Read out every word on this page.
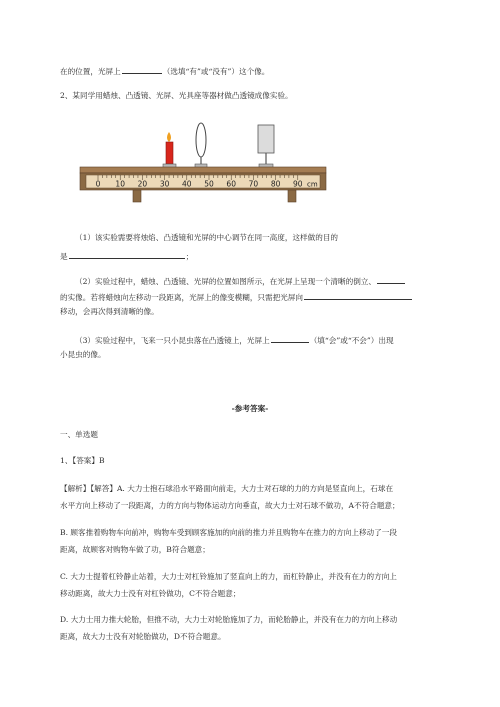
在的位置，光屏上	（选填“有”或“没有”）这个像。
2、某同学用蜡烛、凸透镜、光屏、光具座等器材做凸透镜成像实验。
0 10 20 30 40 50 60 70 80 90 cm
（1）该实验需要将烛焰、凸透镜和光屏的中心调节在同一高度，这样做的目的
是	；
（2）实验过程中，蜡烛、凸透镜、光屏的位置如图所示，在光屏上呈现一个清晰的倒立、
的实像。若将蜡烛向左移动一段距离，光屏上的像变模糊，只需把光屏向
移动，会再次得到清晰的像。
（3）实验过程中，飞来一只小昆虫落在凸透镜上，光屏上	（填“会”或“不会”）出现
小昆虫的像。
-参考答案-
一、单选题
1、【答案】B
【解析】【解答】A. 大力士抱石球沿水平路面向前走，大力士对石球的力的方向是竖直向上，石球在
水平方向上移动了一段距离，力的方向与物体运动方向垂直，故大力士对石球不做功，A不符合题意；
B. 顾客推着购物车向前冲，购物车受到顾客施加的向前的推力并且购物车在推力的方向上移动了一段
距离，故顾客对购物车做了功，B符合题意；
C. 大力士提着杠铃静止站着，大力士对杠铃施加了竖直向上的力，而杠铃静止，并没有在力的方向上
移动距离，故大力士没有对杠铃做功，C不符合题意；
D. 大力士用力推大轮胎，但推不动，大力士对轮胎施加了力，而轮胎静止，并没有在力的方向上移动
距离，故大力士没有对轮胎做功，D不符合题意。
